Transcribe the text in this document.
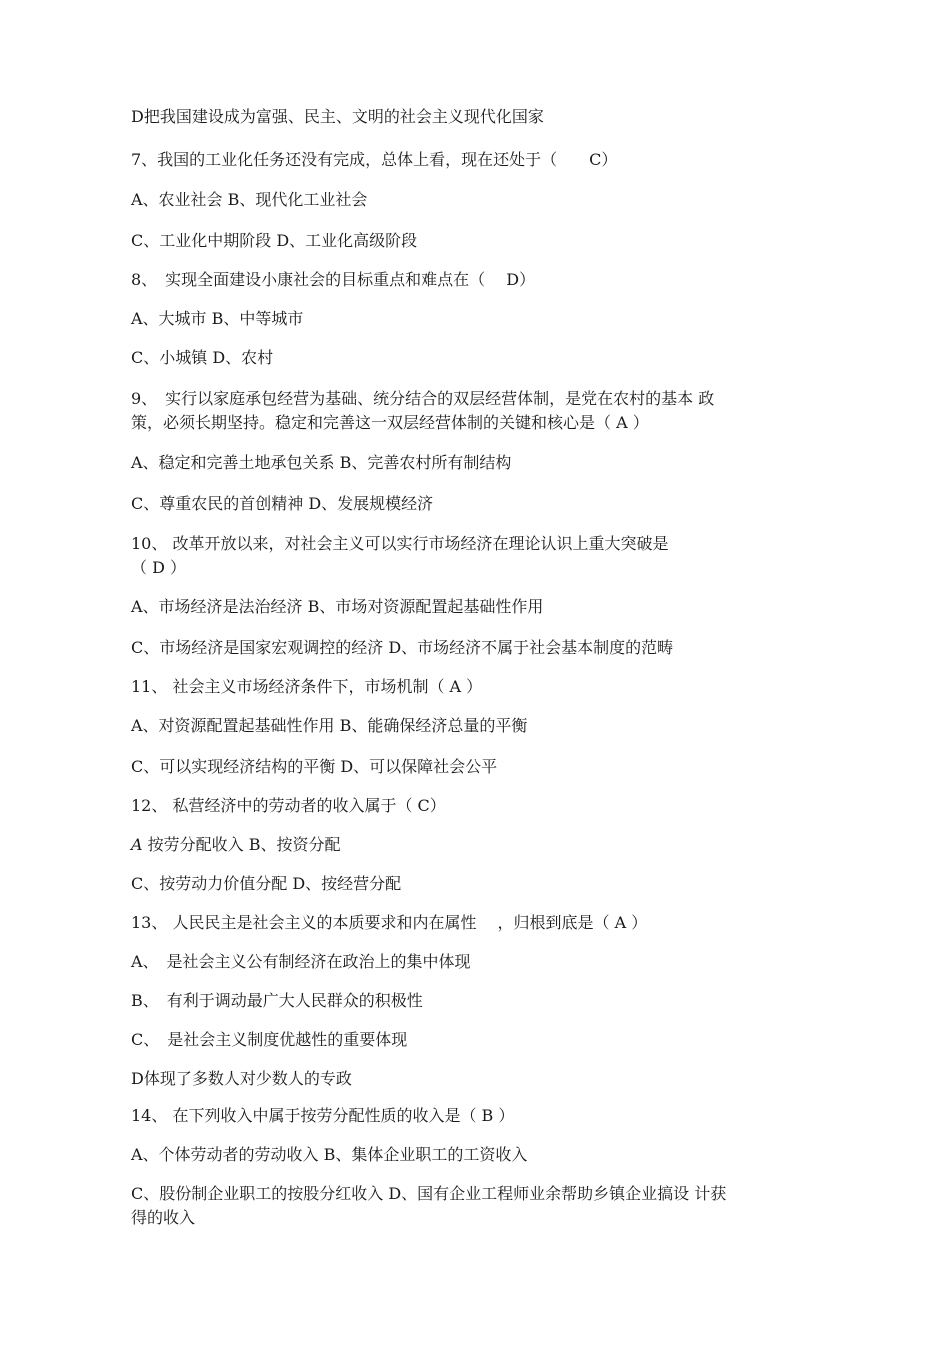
D把我国建设成为富强、民主、文明的社会主义现代化国家
7、我国的工业化任务还没有完成，总体上看，现在还处于（　　C）
A、农业社会 B、现代化工业社会
C、工业化中期阶段 D、工业化高级阶段
8、　实现全面建设小康社会的目标重点和难点在（　 D）
A、大城市 B、中等城市
C、小城镇 D、农村
9、　实行以家庭承包经营为基础、统分结合的双层经营体制，是党在农村的基本 政
策，必须长期坚持。稳定和完善这一双层经营体制的关键和核心是（ A ）
A、稳定和完善土地承包关系 B、完善农村所有制结构
C、尊重农民的首创精神 D、发展规模经济
10、 改革开放以来，对社会主义可以实行市场经济在理论认识上重大突破是
（ D ）
A、市场经济是法治经济 B、市场对资源配置起基础性作用
C、市场经济是国家宏观调控的经济 D、市场经济不属于社会基本制度的范畴
11、 社会主义市场经济条件下，市场机制（ A ）
A、对资源配置起基础性作用 B、能确保经济总量的平衡
C、可以实现经济结构的平衡 D、可以保障社会公平
12、 私营经济中的劳动者的收入属于（ C）
A 按劳分配收入 B、按资分配
C、按劳动力价值分配 D、按经营分配
13、 人民民主是社会主义的本质要求和内在属性　 ，归根到底是（ A ）
A、　是社会主义公有制经济在政治上的集中体现
B、　有利于调动最广大人民群众的积极性
C、　是社会主义制度优越性的重要体现
D体现了多数人对少数人的专政
14、 在下列收入中属于按劳分配性质的收入是（ B ）
A、个体劳动者的劳动收入 B、集体企业职工的工资收入
C、股份制企业职工的按股分红收入 D、国有企业工程师业余帮助乡镇企业搞设 计获
得的收入
